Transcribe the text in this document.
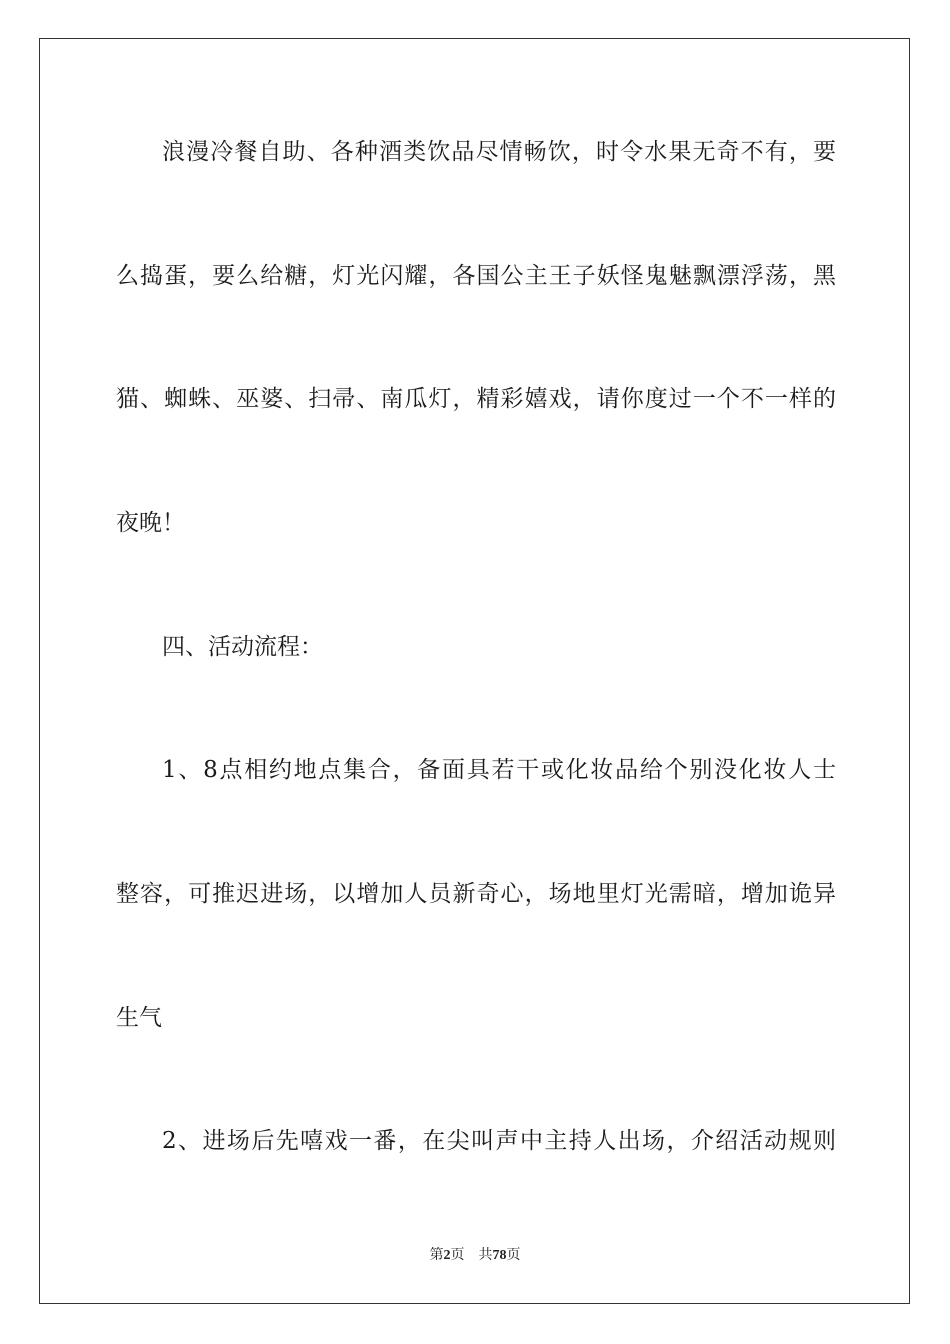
浪漫冷餐自助、各种酒类饮品尽情畅饮，时令水果无奇不有，要
么捣蛋，要么给糖，灯光闪耀，各国公主王子妖怪鬼魅飘漂浮荡，黑
猫、蜘蛛、巫婆、扫帚、南瓜灯，精彩嬉戏，请你度过一个不一样的
夜晚！
四、活动流程：
1、8点相约地点集合，备面具若干或化妆品给个别没化妆人士
整容，可推迟进场，以增加人员新奇心，场地里灯光需暗，增加诡异
生气
2、进场后先嘻戏一番，在尖叫声中主持人出场，介绍活动规则
第2页 共78页
